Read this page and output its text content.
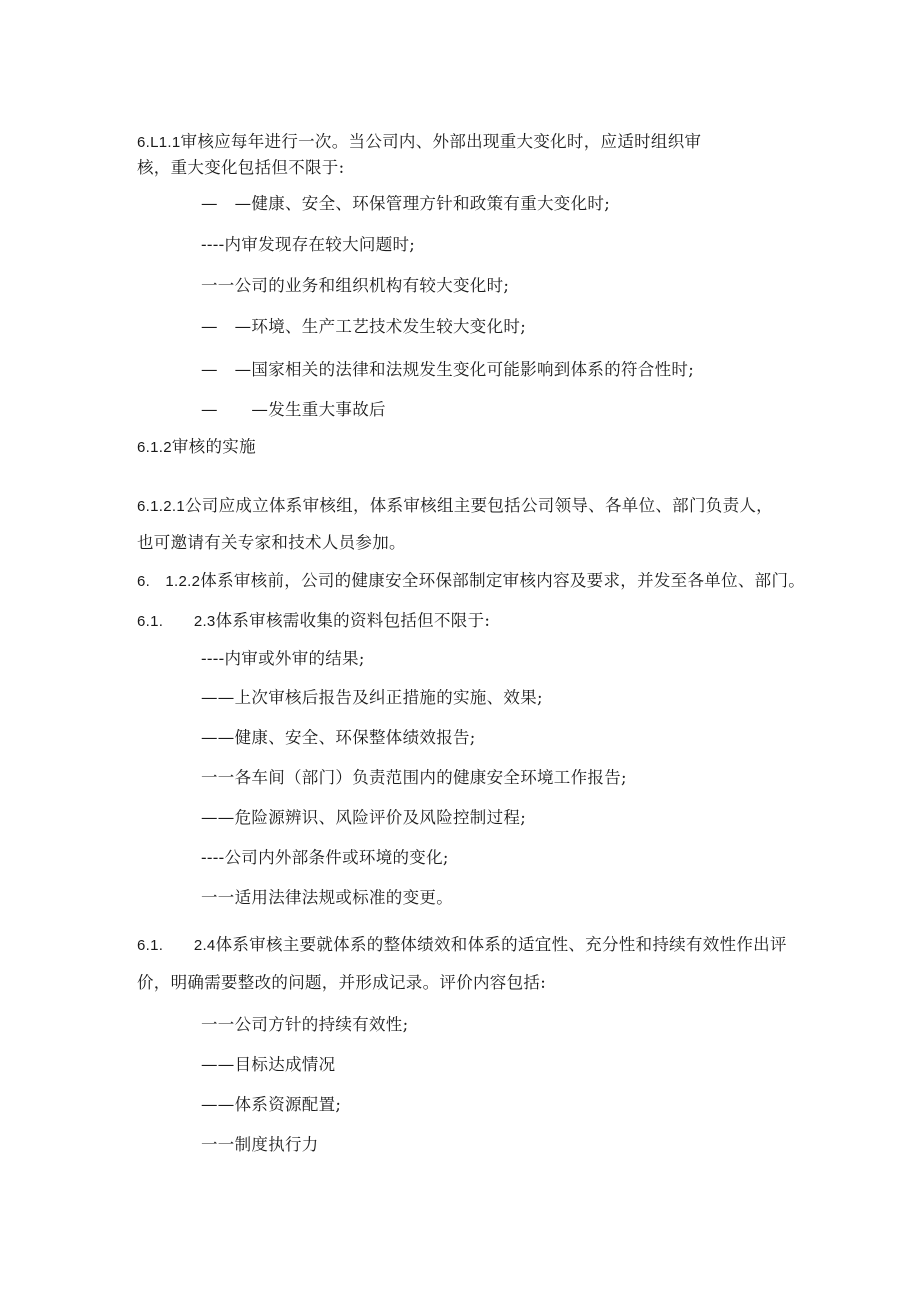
6.L1.1审核应每年进行一次。当公司内、外部出现重大变化时，应适时组织审
核，重大变化包括但不限于:
—　—健康、安全、环保管理方针和政策有重大变化时;
----内审发现存在较大问题时;
一一公司的业务和组织机构有较大变化时;
—　—环境、生产工艺技术发生较大变化时;
—　—国家相关的法律和法规发生变化可能影响到体系的符合性时;
—　　—发生重大事故后
6.1.2审核的实施
6.1.2.1公司应成立体系审核组，体系审核组主要包括公司领导、各单位、部门负责人，
也可邀请有关专家和技术人员参加。
6.　1.2.2体系审核前，公司的健康安全环保部制定审核内容及要求，并发至各单位、部门。
6.1.　　2.3体系审核需收集的资料包括但不限于:
----内审或外审的结果;
——上次审核后报告及纠正措施的实施、效果;
——健康、安全、环保整体绩效报告;
一一各车间（部门）负责范围内的健康安全环境工作报告;
——危险源辨识、风险评价及风险控制过程;
----公司内外部条件或环境的变化;
一一适用法律法规或标准的变更。
6.1.　　2.4体系审核主要就体系的整体绩效和体系的适宜性、充分性和持续有效性作出评
价，明确需要整改的问题，并形成记录。评价内容包括:
一一公司方针的持续有效性;
——目标达成情况
——体系资源配置;
一一制度执行力
